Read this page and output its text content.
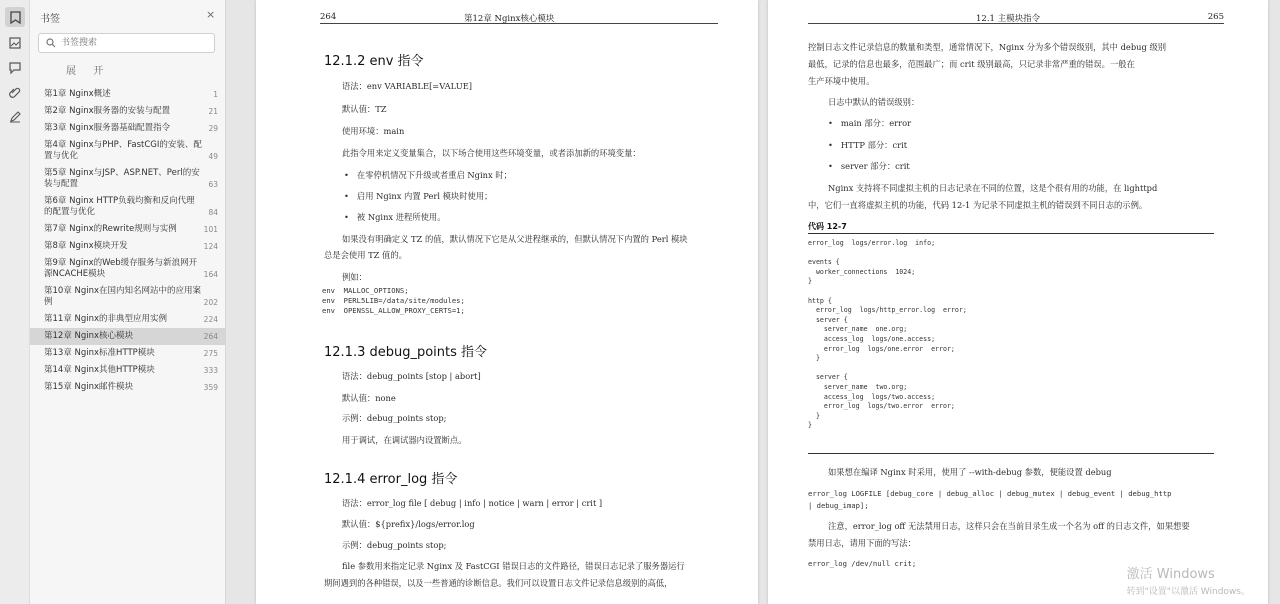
书签	×
书签搜索
展 开
第1章 Nginx概述	1
第2章 Nginx服务器的安装与配置	21
第3章 Nginx服务器基础配置指令	29
第4章 Nginx与PHP、FastCGI的安装、配置与优化	49
第5章 Nginx与JSP、ASP.NET、Perl的安装与配置	63
第6章 Nginx HTTP负载均衡和反向代理的配置与优化	84
第7章 Nginx的Rewrite规则与实例	101
第8章 Nginx模块开发	124
第9章 Nginx的Web缓存服务与新浪网开源NCACHE模块	164
第10章 Nginx在国内知名网站中的应用案例	202
第11章 Nginx的非典型应用实例	224
第12章 Nginx核心模块	264
第13章 Nginx标准HTTP模块	275
第14章 Nginx其他HTTP模块	333
第15章 Nginx邮件模块	359
264	第12章 Nginx核心模块
12.1.2 env 指令
语法：env VARIABLE[=VALUE]
默认值：TZ
使用环境：main
此指令用来定义变量集合，以下场合使用这些环境变量，或者添加新的环境变量：
• 在零停机情况下升级或者重启 Nginx 时；
• 启用 Nginx 内置 Perl 模块时使用；
• 被 Nginx 进程所使用。
如果没有明确定义 TZ 的值，默认情况下它是从父进程继承的，但默认情况下内置的 Perl 模块
总是会使用 TZ 值的。
例如：
env  MALLOC_OPTIONS;
env  PERL5LIB=/data/site/modules;
env  OPENSSL_ALLOW_PROXY_CERTS=1;
12.1.3 debug_points 指令
语法：debug_points [stop | abort]
默认值：none
示例：debug_points stop;
用于调试，在调试器内设置断点。
12.1.4 error_log 指令
语法：error_log file [ debug | info | notice | warn | error | crit ]
默认值：${prefix}/logs/error.log
示例：debug_points stop;
file 参数用来指定记录 Nginx 及 FastCGI 错误日志的文件路径，错误日志记录了服务器运行
期间遇到的各种错误，以及一些普通的诊断信息。我们可以设置日志文件记录信息级别的高低，
12.1 主模块指令	265
控制日志文件记录信息的数量和类型，通常情况下，Nginx 分为多个错误级别，其中 debug 级别
最低，记录的信息也最多，范围最广；而 crit 级别最高，只记录非常严重的错误。一般在
生产环境中使用。
日志中默认的错误级别：
• main 部分：error
• HTTP 部分：crit
• server 部分：crit
Nginx 支持将不同虚拟主机的日志记录在不同的位置，这是个很有用的功能，在 lighttpd
中，它们一直将虚拟主机的功能，代码 12-1 为记录不同虚拟主机的错误到不同日志的示例。
代码 12-7
error_log  logs/error.log  info;

events {
worker_connections  1024;
}

http {
error_log  logs/http_error.log  error;
server {
server_name  one.org;
access_log  logs/one.access;
error_log  logs/one.error  error;
}

server {
server_name  two.org;
access_log  logs/two.access;
error_log  logs/two.error  error;
}
}
如果想在编译 Nginx 时采用，使用了 --with-debug 参数，便能设置 debug
error_log LOGFILE [debug_core | debug_alloc | debug_mutex | debug_event | debug_http
| debug_imap];
注意，error_log off 无法禁用日志，这样只会在当前目录生成一个名为 off 的日志文件，如果想要
禁用日志，请用下面的写法：
error_log /dev/null crit;
激活 Windows
转到"设置"以激活 Windows。
